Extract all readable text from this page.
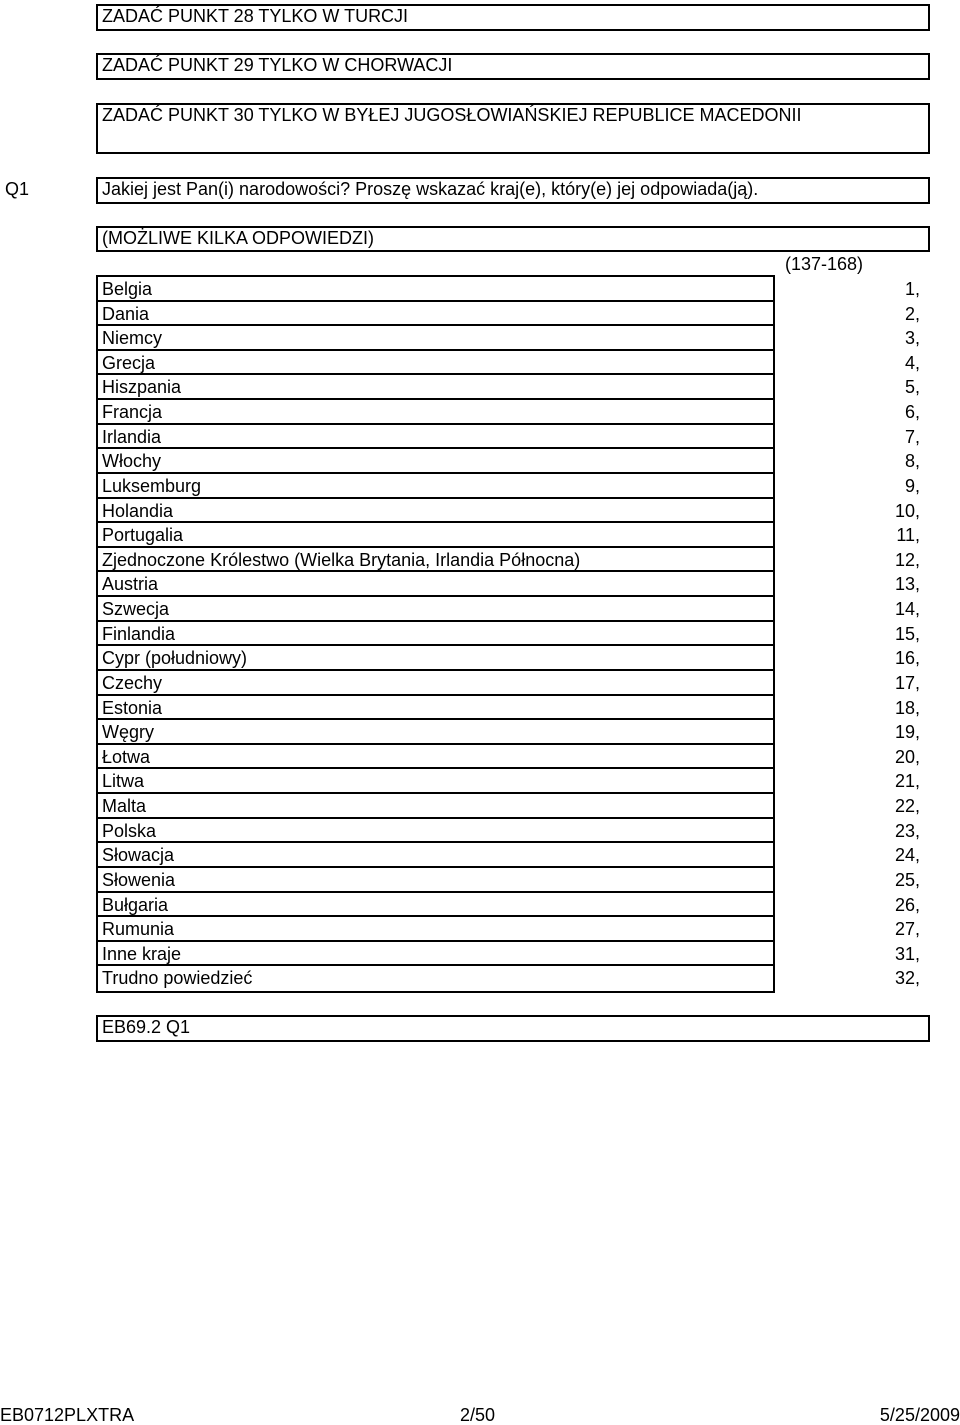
ZADAĆ PUNKT 28 TYLKO W TURCJI
ZADAĆ PUNKT 29 TYLKO W CHORWACJI
ZADAĆ PUNKT 30 TYLKO W BYŁEJ JUGOSŁOWIAŃSKIEJ REPUBLICE MACEDONII
Q1	Jakiej jest Pan(i) narodowości? Proszę wskazać kraj(e), który(e) jej odpowiada(ją).
(MOŻLIWE KILKA ODPOWIEDZI)
(137-168)
Belgia	1,
Dania	2,
Niemcy	3,
Grecja	4,
Hiszpania	5,
Francja	6,
Irlandia	7,
Włochy	8,
Luksemburg	9,
Holandia	10,
Portugalia	11,
Zjednoczone Królestwo (Wielka Brytania, Irlandia Północna)	12,
Austria	13,
Szwecja	14,
Finlandia	15,
Cypr (południowy)	16,
Czechy	17,
Estonia	18,
Węgry	19,
Łotwa	20,
Litwa	21,
Malta	22,
Polska	23,
Słowacja	24,
Słowenia	25,
Bułgaria	26,
Rumunia	27,
Inne kraje	31,
Trudno powiedzieć	32,
EB69.2 Q1
EB0712PLXTRA	2/50	5/25/2009
